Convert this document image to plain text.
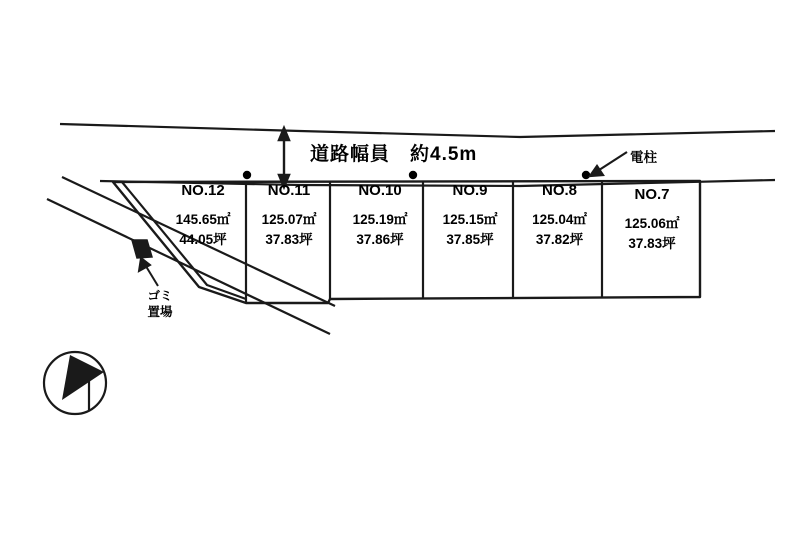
道路幅員　約4.5m	電柱
ゴミ
置場
NO.12
145.65㎡
44.05坪
NO.11
125.07㎡
37.83坪
NO.10
125.19㎡
37.86坪
NO.9
125.15㎡
37.85坪
NO.8
125.04㎡
37.82坪
NO.7
125.06㎡
37.83坪
